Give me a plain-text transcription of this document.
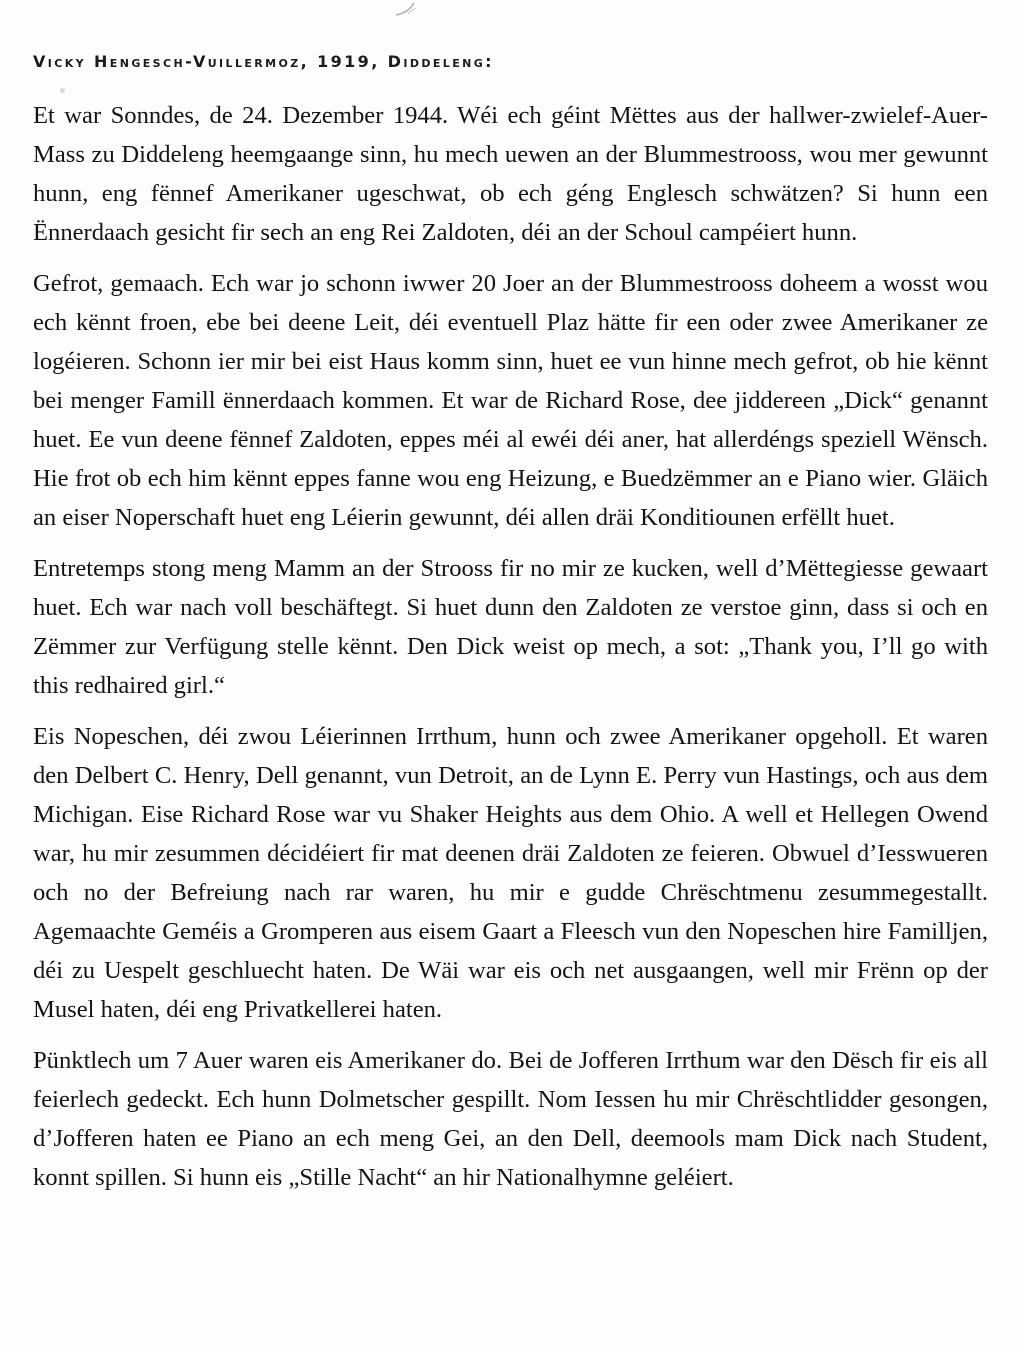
Vicky Hengesch-Vuillermoz, 1919, Diddeleng:

Et war Sonndes, de 24. Dezember 1944. Wéi ech géint Mëttes aus der hallwer-zwielef-Auer-Mass zu Diddeleng heemgaange sinn, hu mech uewen an der Blummestrooss, wou mer gewunnt hunn, eng fënnef Amerikaner ugeschwat, ob ech géng Englesch schwätzen? Si hunn een Ënnerdaach gesicht fir sech an eng Rei Zaldoten, déi an der Schoul campéiert hunn.

Gefrot, gemaach. Ech war jo schonn iwwer 20 Joer an der Blummestrooss doheem a wosst wou ech kënnt froen, ebe bei deene Leit, déi eventuell Plaz hätte fir een oder zwee Amerikaner ze logéieren. Schonn ier mir bei eist Haus komm sinn, huet ee vun hinne mech gefrot, ob hie kënnt bei menger Famill ënnerdaach kommen. Et war de Richard Rose, dee jiddereen „Dick“ genannt huet. Ee vun deene fënnef Zaldoten, eppes méi al ewéi déi aner, hat allerdéngs speziell Wënsch. Hie frot ob ech him kënnt eppes fanne wou eng Heizung, e Buedzëmmer an e Piano wier. Gläich an eiser Noperschaft huet eng Léierin gewunnt, déi allen dräi Konditiounen erfëllt huet.

Entretemps stong meng Mamm an der Strooss fir no mir ze kucken, well d’Mëttegiesse gewaart huet. Ech war nach voll beschäftegt. Si huet dunn den Zaldoten ze verstoe ginn, dass si och en Zëmmer zur Verfügung stelle kënnt. Den Dick weist op mech, a sot: „Thank you, I’ll go with this redhaired girl.“

Eis Nopeschen, déi zwou Léierinnen Irrthum, hunn och zwee Amerikaner opgeholl. Et waren den Delbert C. Henry, Dell genannt, vun Detroit, an de Lynn E. Perry vun Hastings, och aus dem Michigan. Eise Richard Rose war vu Shaker Heights aus dem Ohio. A well et Hellegen Owend war, hu mir zesummen décidéiert fir mat deenen dräi Zaldoten ze feieren. Obwuel d’Iesswueren och no der Befreiung nach rar waren, hu mir e gudde Chrëschtmenu zesummegestallt. Agemaachte Geméis a Gromperen aus eisem Gaart a Fleesch vun den Nopeschen hire Familljen, déi zu Uespelt geschluecht haten. De Wäi war eis och net ausgaangen, well mir Frënn op der Musel haten, déi eng Privatkellerei haten.

Pünktlech um 7 Auer waren eis Amerikaner do. Bei de Jofferen Irrthum war den Dësch fir eis all feierlech gedeckt. Ech hunn Dolmetscher gespillt. Nom Iessen hu mir Chrëschtlidder gesongen, d’Jofferen haten ee Piano an ech meng Gei, an den Dell, deemools mam Dick nach Student, konnt spillen. Si hunn eis „Stille Nacht“ an hir Nationalhymne geléiert.
